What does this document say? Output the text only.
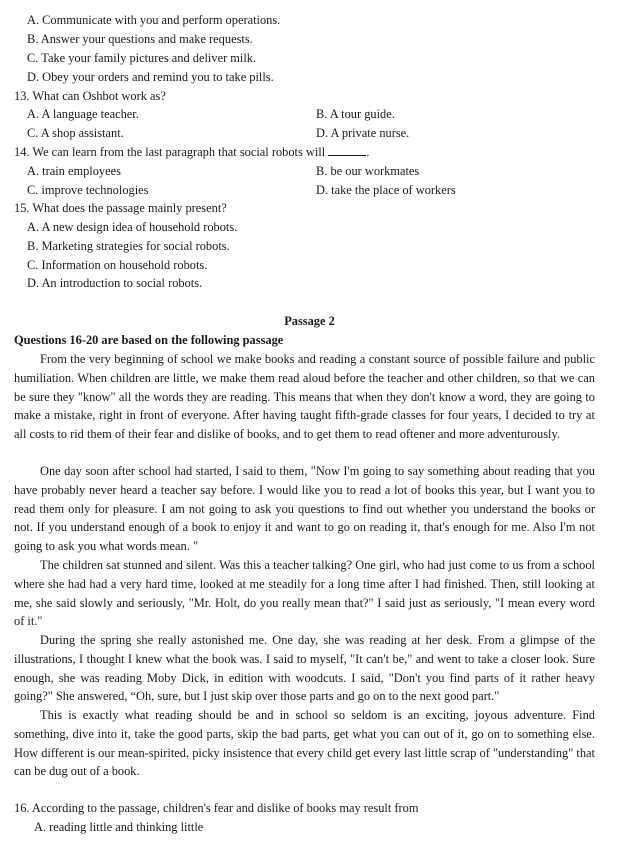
A. Communicate with you and perform operations.
B. Answer your questions and make requests.
C. Take your family pictures and deliver milk.
D. Obey your orders and remind you to take pills.
13. What can Oshbot work as?
A. A language teacher.	B. A tour guide.
C. A shop assistant.	D. A private nurse.
14. We can learn from the last paragraph that social robots will	.
A. train employees	B. be our workmates
C. improve technologies	D. take the place of workers
15. What does the passage mainly present?
A. A new design idea of household robots.
B. Marketing strategies for social robots.
C. Information on household robots.
D. An introduction to social robots.
Passage 2
Questions 16-20 are based on the following passage

From the very beginning of school we make books and reading a constant source of possible failure and public humiliation. When children are little, we make them read aloud before the teacher and other children, so that we can be sure they "know" all the words they are reading. This means that when they don't know a word, they are going to make a mistake, right in front of everyone. After having taught fifth-grade classes for four years, I decided to try at all costs to rid them of their fear and dislike of books, and to get them to read oftener and more adventurously.

One day soon after school had started, I said to them, "Now I'm going to say something about reading that you have probably never heard a teacher say before. I would like you to read a lot of books this year, but I want you to read them only for pleasure. I am not going to ask you questions to find out whether you understand the books or not. If you understand enough of a book to enjoy it and want to go on reading it, that's enough for me. Also I'm not going to ask you what words mean. "

The children sat stunned and silent. Was this a teacher talking? One girl, who had just come to us from a school where she had had a very hard time, looked at me steadily for a long time after I had finished. Then, still looking at me, she said slowly and seriously, "Mr. Holt, do you really mean that?" I said just as seriously, "I mean every word of it."

During the spring she really astonished me. One day, she was reading at her desk. From a glimpse of the illustrations, I thought I knew what the book was. I said to myself, "It can't be," and went to take a closer look. Sure enough, she was reading Moby Dick, in edition with woodcuts. I said, "Don't you find parts of it rather heavy going?" She answered, “Oh, sure, but I just skip over those parts and go on to the next good part."

This is exactly what reading should be and in school so seldom is an exciting, joyous adventure. Find something, dive into it, take the good parts, skip the bad parts, get what you can out of it, go on to something else. How different is our mean-spirited, picky insistence that every child get every last little scrap of "understanding" that can be dug out of a book.

16. According to the passage, children's fear and dislike of books may result from
A. reading little and thinking little
